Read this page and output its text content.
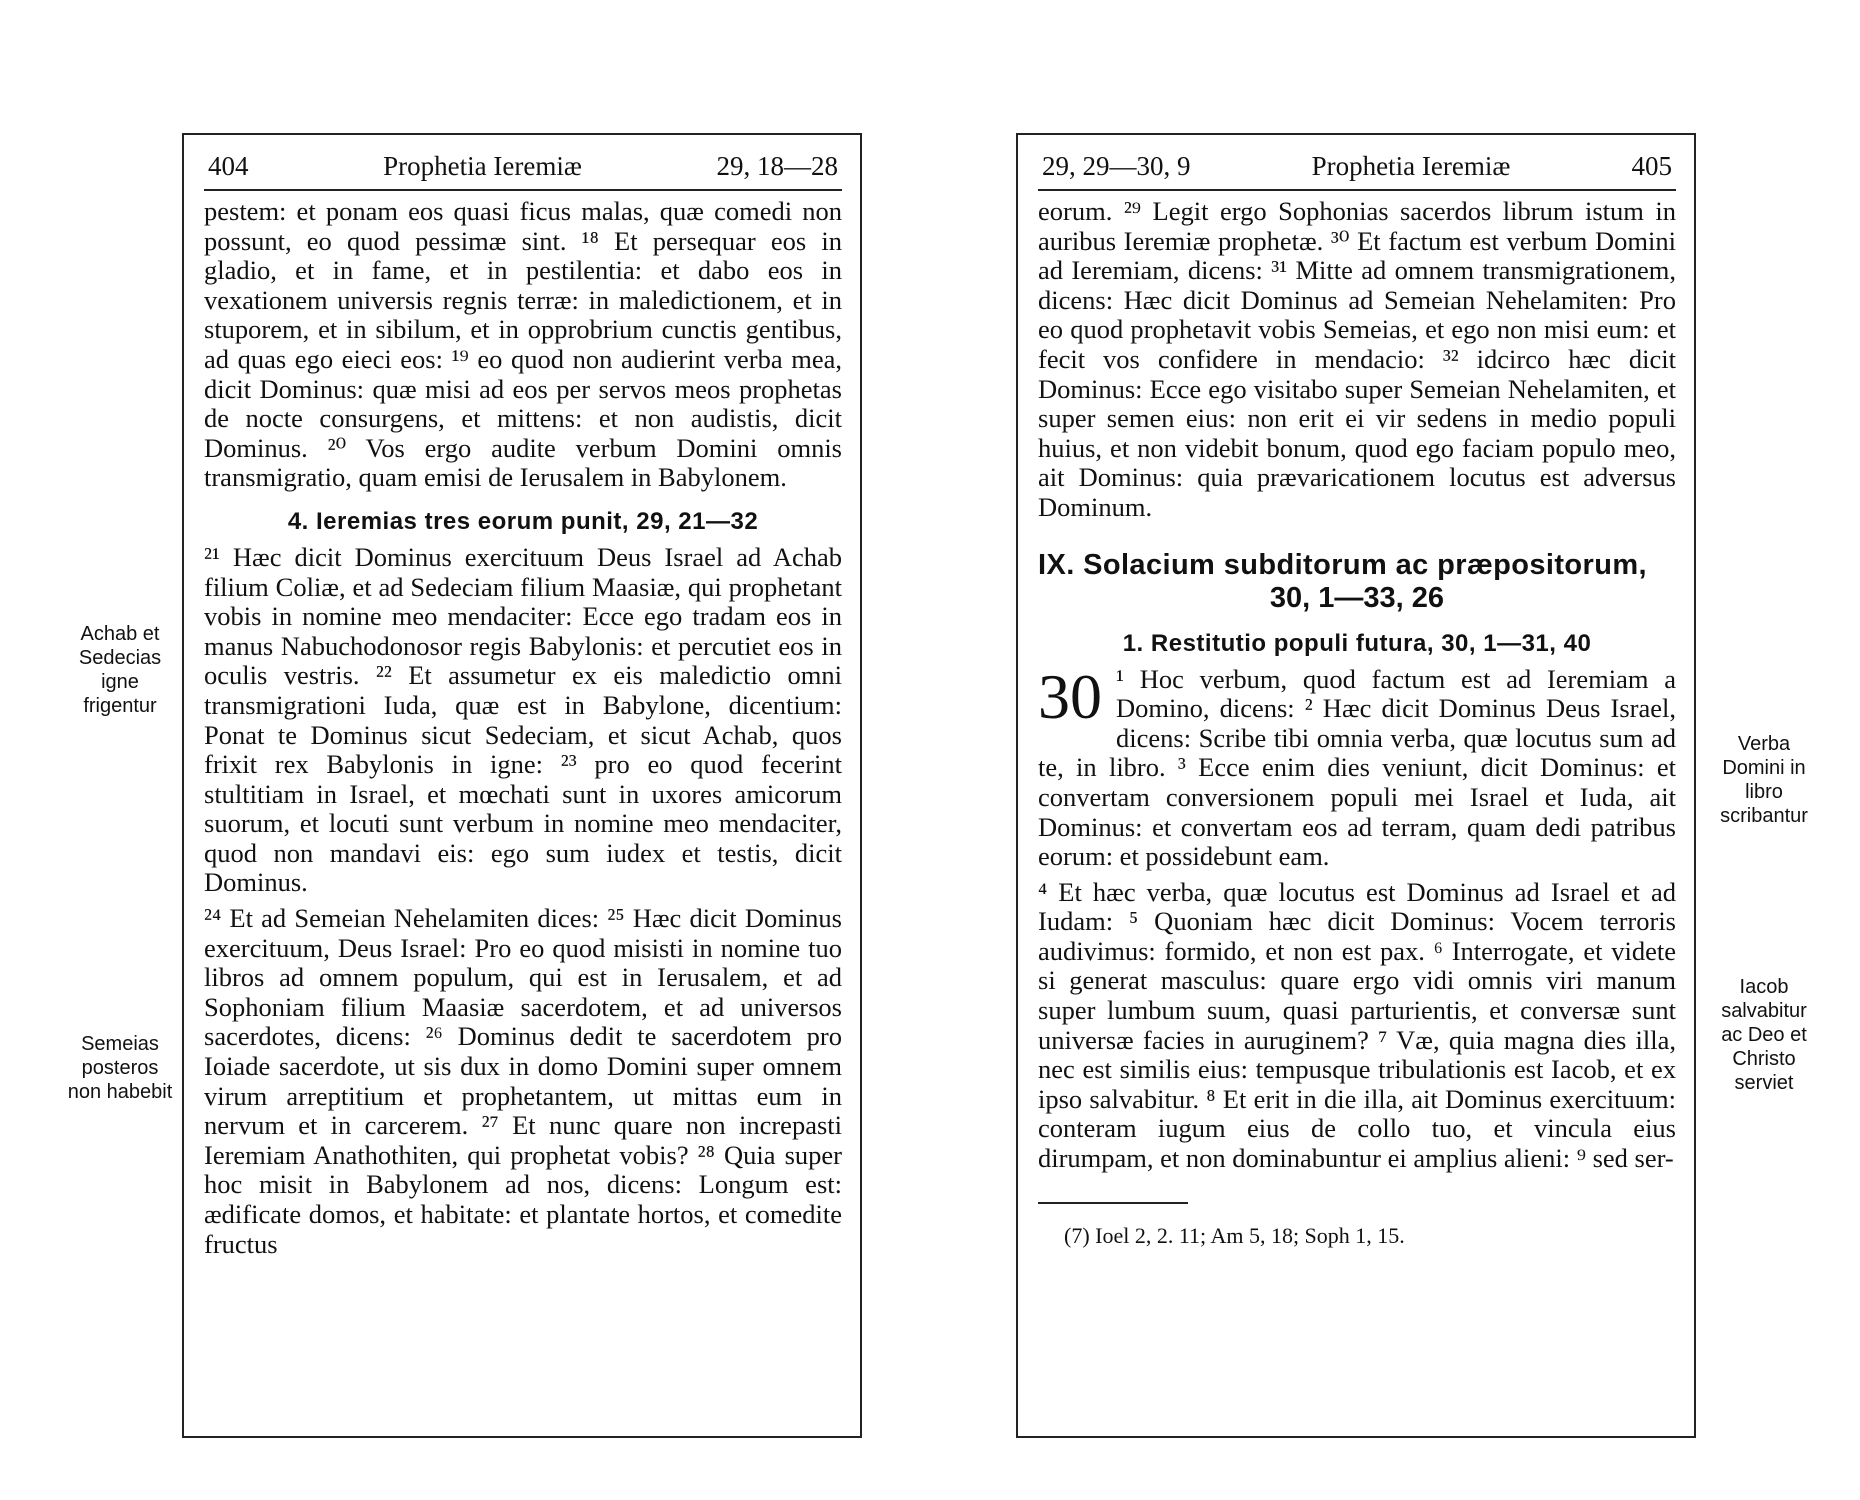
Achab et Sedecias igne frigentur
Semeias posteros non habebit
404	Prophetia Ieremiæ	29, 18—28

pestem: et ponam eos quasi ficus malas, quæ comedi non possunt, eo quod pessimæ sint. ¹⁸ Et persequar eos in gladio, et in fame, et in pestilentia: et dabo eos in vexationem universis regnis terræ: in maledictionem, et in stuporem, et in sibilum, et in opprobrium cunctis gentibus, ad quas ego eieci eos: ¹⁹ eo quod non audierint verba mea, dicit Dominus: quæ misi ad eos per servos meos prophetas de nocte consurgens, et mittens: et non audistis, dicit Dominus. ²⁰ Vos ergo audite verbum Domini omnis transmigratio, quam emisi de Ierusalem in Babylonem.

4. Ieremias tres eorum punit, 29, 21—32

²¹ Hæc dicit Dominus exercituum Deus Israel ad Achab filium Coliæ, et ad Sedeciam filium Maasiæ, qui prophetant vobis in nomine meo mendaciter: Ecce ego tradam eos in manus Nabuchodonosor regis Babylonis: et percutiet eos in oculis vestris. ²² Et assumetur ex eis maledictio omni transmigrationi Iuda, quæ est in Babylone, dicentium: Ponat te Dominus sicut Sedeciam, et sicut Achab, quos frixit rex Babylonis in igne: ²³ pro eo quod fecerint stultitiam in Israel, et mœchati sunt in uxores amicorum suorum, et locuti sunt verbum in nomine meo mendaciter, quod non mandavi eis: ego sum iudex et testis, dicit Dominus.

²⁴ Et ad Semeian Nehelamiten dices: ²⁵ Hæc dicit Dominus exercituum, Deus Israel: Pro eo quod misisti in nomine tuo libros ad omnem populum, qui est in Ierusalem, et ad Sophoniam filium Maasiæ sacerdotem, et ad universos sacerdotes, dicens: ²⁶ Dominus dedit te sacerdotem pro Ioiade sacerdote, ut sis dux in domo Domini super omnem virum arreptitium et prophetantem, ut mittas eum in nervum et in carcerem. ²⁷ Et nunc quare non increpasti Ieremiam Anathothiten, qui prophetat vobis? ²⁸ Quia super hoc misit in Babylonem ad nos, dicens: Longum est: ædificate domos, et habitate: et plantate hortos, et comedite fructus

29, 29—30, 9	Prophetia Ieremiæ	405

eorum. ²⁹ Legit ergo Sophonias sacerdos librum istum in auribus Ieremiæ prophetæ. ³⁰ Et factum est verbum Domini ad Ieremiam, dicens: ³¹ Mitte ad omnem transmigrationem, dicens: Hæc dicit Dominus ad Semeian Nehelamiten: Pro eo quod prophetavit vobis Semeias, et ego non misi eum: et fecit vos confidere in mendacio: ³² idcirco hæc dicit Dominus: Ecce ego visitabo super Semeian Nehelamiten, et super semen eius: non erit ei vir sedens in medio populi huius, et non videbit bonum, quod ego faciam populo meo, ait Dominus: quia prævaricationem locutus est adversus Dominum.

IX. Solacium subditorum ac præpositorum,
30, 1—33, 26
1. Restitutio populi futura, 30, 1—31, 40

30 ¹ Hoc verbum, quod factum est ad Ieremiam a Domino, dicens: ² Hæc dicit Dominus Deus Israel, dicens: Scribe tibi omnia verba, quæ locutus sum ad te, in libro. ³ Ecce enim dies veniunt, dicit Dominus: et convertam conversionem populi mei Israel et Iuda, ait Dominus: et convertam eos ad terram, quam dedi patribus eorum: et possidebunt eam.

⁴ Et hæc verba, quæ locutus est Dominus ad Israel et ad Iudam: ⁵ Quoniam hæc dicit Dominus: Vocem terroris audivimus: formido, et non est pax. ⁶ Interrogate, et videte si generat masculus: quare ergo vidi omnis viri manum super lumbum suum, quasi parturientis, et conversæ sunt universæ facies in auruginem? ⁷ Væ, quia magna dies illa, nec est similis eius: tempusque tribulationis est Iacob, et ex ipso salvabitur. ⁸ Et erit in die illa, ait Dominus exercituum: conteram iugum eius de collo tuo, et vincula eius dirumpam, et non dominabuntur ei amplius alieni: ⁹ sed ser-

(7) Ioel 2, 2. 11; Am 5, 18; Soph 1, 15.
Verba Domini in libro scribantur
Iacob salvabitur ac Deo et Christo serviet
